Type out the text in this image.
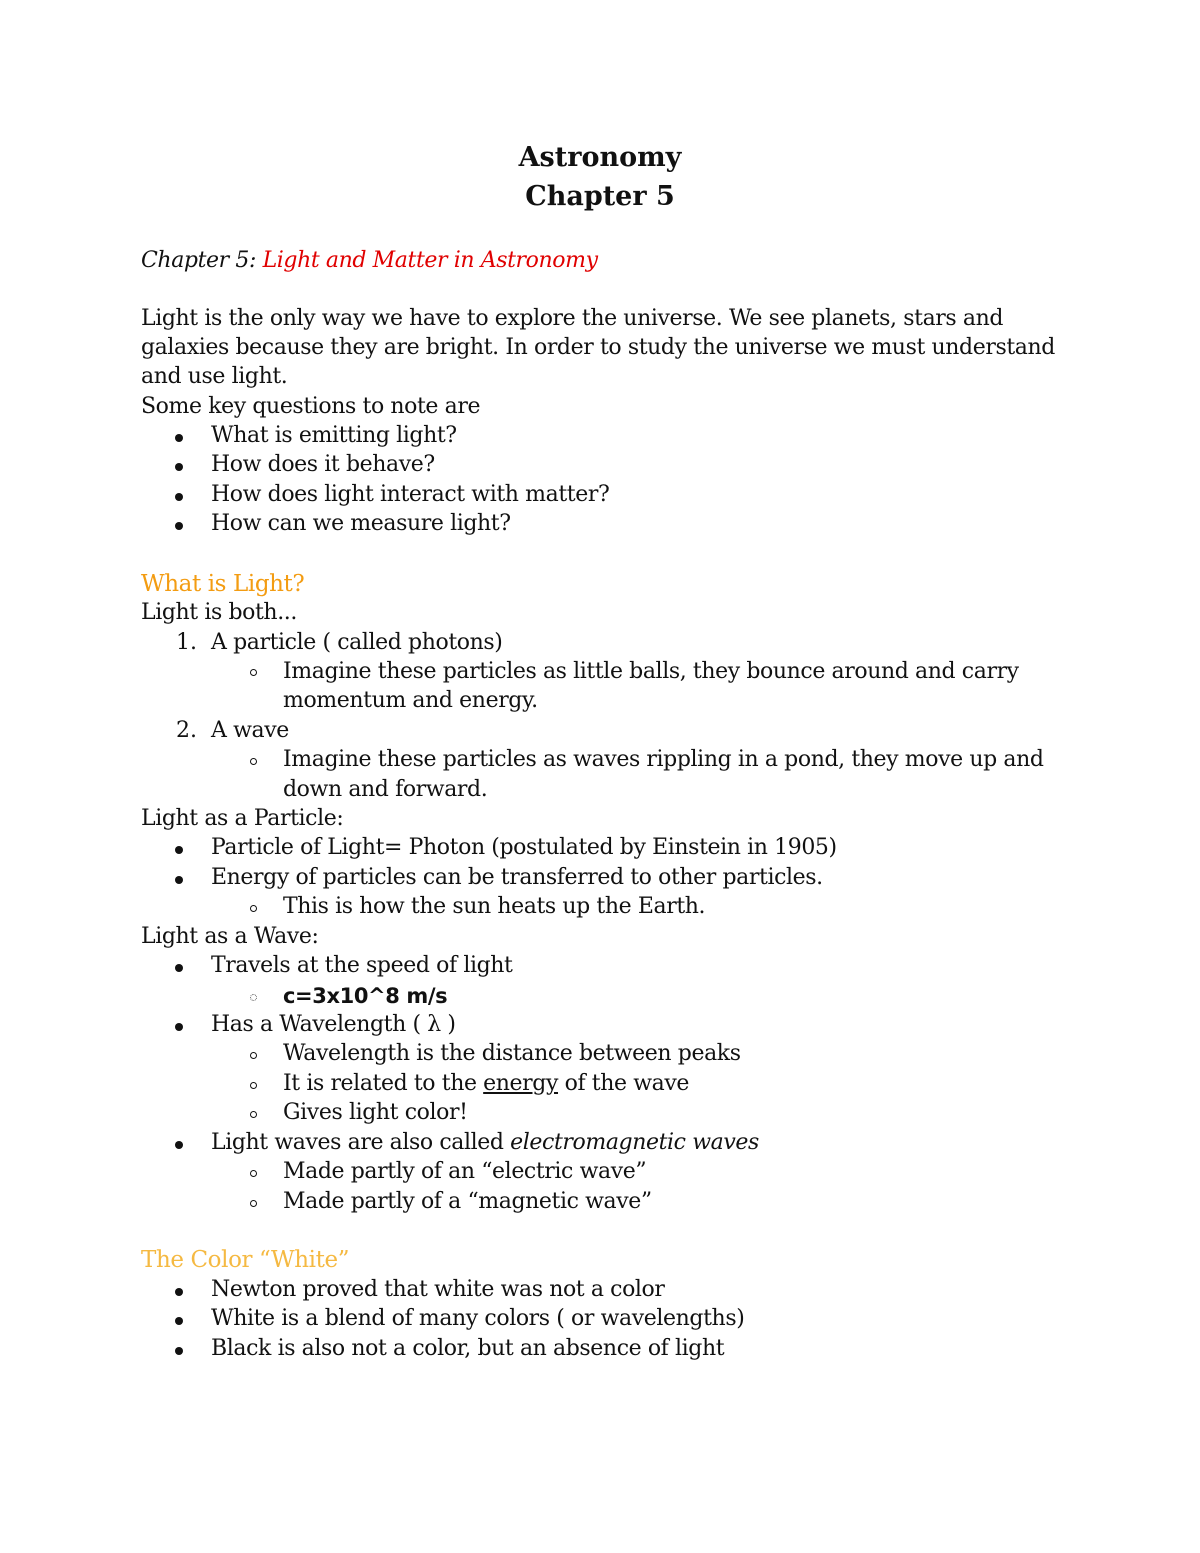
Astronomy
Chapter 5
Chapter 5: Light and Matter in Astronomy
Light is the only way we have to explore the universe. We see planets, stars and
galaxies because they are bright. In order to study the universe we must understand
and use light.
Some key questions to note are
What is emitting light?
How does it behave?
How does light interact with matter?
How can we measure light?
What is Light?
Light is both...
1. A particle ( called photons)
Imagine these particles as little balls, they bounce around and carry
momentum and energy.
2. A wave
Imagine these particles as waves rippling in a pond, they move up and
down and forward.
Light as a Particle:
Particle of Light= Photon (postulated by Einstein in 1905)
Energy of particles can be transferred to other particles.
This is how the sun heats up the Earth.
Light as a Wave:
Travels at the speed of light
c=3x10^8 m/s
Has a Wavelength ( λ )
Wavelength is the distance between peaks
It is related to the energy of the wave
Gives light color!
Light waves are also called electromagnetic waves
Made partly of an “electric wave”
Made partly of a “magnetic wave”
The Color “White”
Newton proved that white was not a color
White is a blend of many colors ( or wavelengths)
Black is also not a color, but an absence of light
